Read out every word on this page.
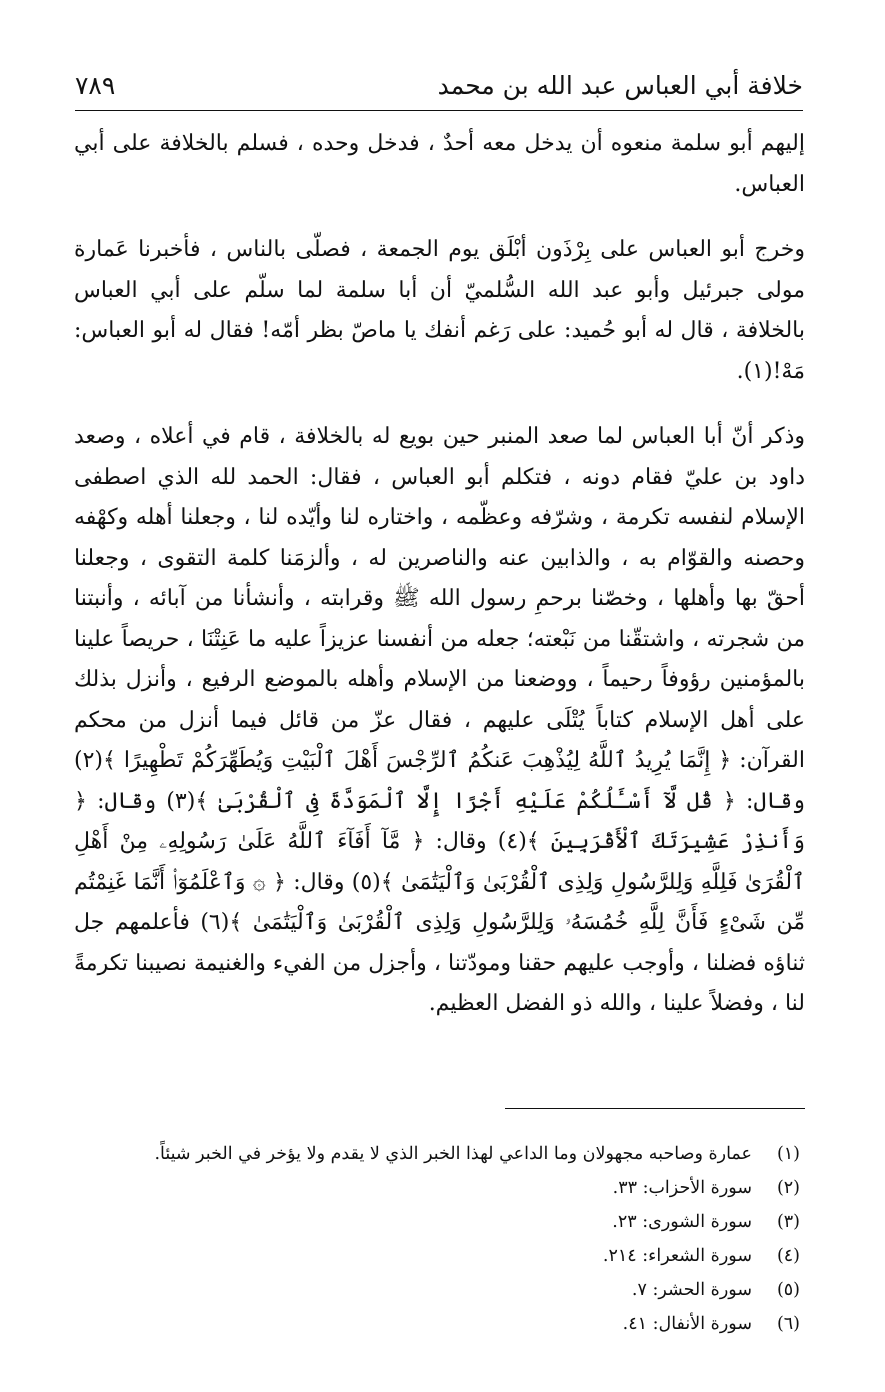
خلافة أبي العباس عبد الله بن محمد
٧٨٩

إليهم أبو سلمة منعوه أن يدخل معه أحدٌ ، فدخل وحده ، فسلم بالخلافة على أبي العباس.

وخرج أبو العباس على بِرْذَون أبْلَق يوم الجمعة ، فصلّى بالناس ، فأخبرنا عَمارة مولى جبرئيل وأبو عبد الله السُّلميّ أن أبا سلمة لما سلّم على أبي العباس بالخلافة ، قال له أبو حُميد: على رَغم أنفك يا ماصّ بظر أمّه! فقال له أبو العباس: مَهْ!(١).

وذكر أنّ أبا العباس لما صعد المنبر حين بويع له بالخلافة ، قام في أعلاه ، وصعد داود بن عليّ فقام دونه ، فتكلم أبو العباس ، فقال: الحمد لله الذي اصطفى الإسلام لنفسه تكرمة ، وشرّفه وعظّمه ، واختاره لنا وأيّده لنا ، وجعلنا أهله وكهْفه وحصنه والقوّام به ، والذابين عنه والناصرين له ، وألزمَنا كلمة التقوى ، وجعلنا أحقّ بها وأهلها ، وخصّنا برحمِ رسول الله ﷺ وقرابته ، وأنشأنا من آبائه ، وأنبتنا من شجرته ، واشتقّنا من نَبْعته؛ جعله من أنفسنا عزيزاً عليه ما عَنِتْنَا ، حريصاً علينا بالمؤمنين رؤوفاً رحيماً ، ووضعنا من الإسلام وأهله بالموضع الرفيع ، وأنزل بذلك على أهل الإسلام كتاباً يُتْلَى عليهم ، فقال عزّ من قائل فيما أنزل من محكم القرآن: ﴿ إِنَّمَا يُرِيدُ ٱللَّهُ لِيُذْهِبَ عَنكُمُ ٱلرِّجْسَ أَهْلَ ٱلْبَيْتِ وَيُطَهِّرَكُمْ تَطْهِيرًا ﴾(٢) وقال: ﴿ قُل لَّآ أَسْـَٔلُكُمْ عَلَيْهِ أَجْرًا إِلَّا ٱلْمَوَدَّةَ فِى ٱلْقُرْبَىٰ ﴾(٣) وقال: ﴿ وَأَنذِرْ عَشِيرَتَكَ ٱلْأَقْرَبِينَ ﴾(٤) وقال: ﴿ مَّآ أَفَآءَ ٱللَّهُ عَلَىٰ رَسُولِهِۦ مِنْ أَهْلِ ٱلْقُرَىٰ فَلِلَّهِ وَلِلرَّسُولِ وَلِذِى ٱلْقُرْبَىٰ وَٱلْيَتَٰمَىٰ ﴾(٥) وقال: ﴿ ۞ وَٱعْلَمُوٓا۟ أَنَّمَا غَنِمْتُم مِّن شَىْءٍ فَأَنَّ لِلَّهِ خُمُسَهُۥ وَلِلرَّسُولِ وَلِذِى ٱلْقُرْبَىٰ وَٱلْيَتَٰمَىٰ ﴾(٦) فأعلمهم جل ثناؤه فضلنا ، وأوجب عليهم حقنا ومودّتنا ، وأجزل من الفيء والغنيمة نصيبنا تكرمةً لنا ، وفضلاً علينا ، والله ذو الفضل العظيم.

(١)
عمارة وصاحبه مجهولان وما الداعي لهذا الخبر الذي لا يقدم ولا يؤخر في الخبر شيئاً.
(٢)
سورة الأحزاب: ٣٣.
(٣)
سورة الشورى: ٢٣.
(٤)
سورة الشعراء: ٢١٤.
(٥)
سورة الحشر: ٧.
(٦)
سورة الأنفال: ٤١.
